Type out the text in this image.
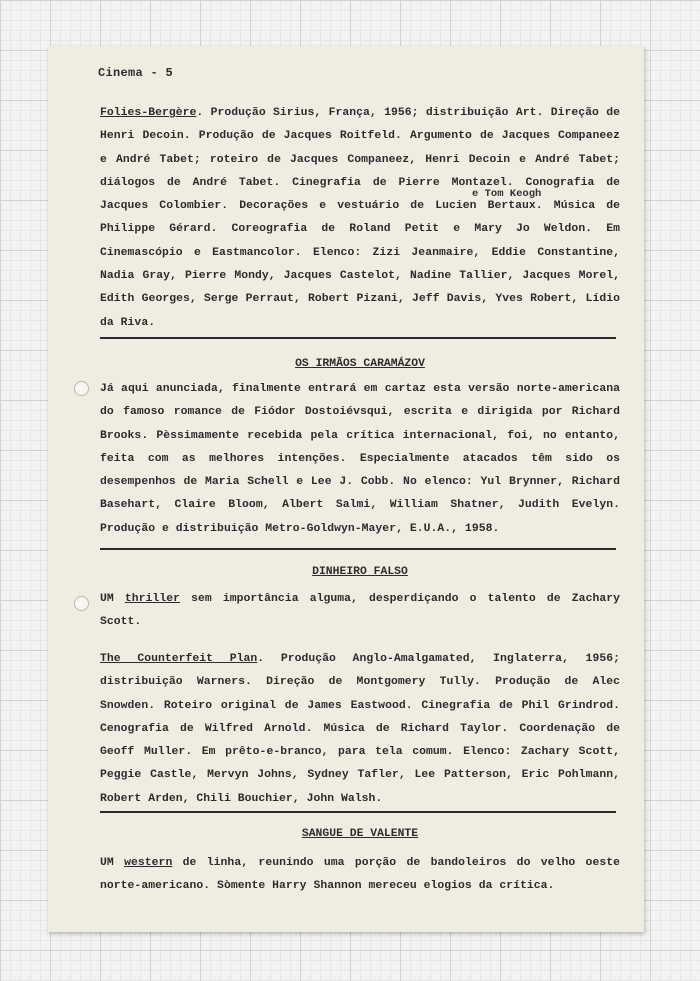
Cinema - 5
e Tom Keogh
Folies-Bergère. Produção Sirius, França, 1956; distribuição Art. Direção de Henri Decoin. Produção de Jacques Roitfeld. Argumento de Jacques Companeez e André Tabet; roteiro de Jacques Companeez, Henri Decoin e André Tabet; diálogos de André Tabet. Cinegrafia de Pierre Montazel. Conografia de Jacques Colombier. Decorações e vestuário de Lucien Bertaux. Música de Philippe Gérard. Coreografia de Roland Petit e Mary Jo Weldon. Em Cinemascópio e Eastmancolor. Elenco: Zizi Jeanmaire, Eddie Constantine, Nadia Gray, Pierre Mondy, Jacques Castelot, Nadine Tallier, Jacques Morel, Edith Georges, Serge Perraut, Robert Pizani, Jeff Davis, Yves Robert, Lídio da Riva.
OS IRMÃOS CARAMÁZOV
Já aqui anunciada, finalmente entrará em cartaz esta versão norte-americana do famoso romance de Fiódor Dostoiévsqui, escrita e dirigida por Richard Brooks. Pèssimamente recebida pela crítica internacional, foi, no entanto, feita com as melhores intenções. Especialmente atacados têm sido os desempenhos de Maria Schell e Lee J. Cobb. No elenco: Yul Brynner, Richard Basehart, Claire Bloom, Albert Salmi, William Shatner, Judith Evelyn. Produção e distribuição Metro-Goldwyn-Mayer, E.U.A., 1958.
DINHEIRO FALSO
UM thriller sem importância alguma, desperdiçando o talento de Zachary Scott.
The Counterfeit Plan. Produção Anglo-Amalgamated, Inglaterra, 1956; distribuição Warners. Direção de Montgomery Tully. Produção de Alec Snowden. Roteiro original de James Eastwood. Cinegrafia de Phil Grindrod. Cenografia de Wilfred Arnold. Música de Richard Taylor. Coordenação de Geoff Muller. Em prêto-e-branco, para tela comum. Elenco: Zachary Scott, Peggie Castle, Mervyn Johns, Sydney Tafler, Lee Patterson, Eric Pohlmann, Robert Arden, Chili Bouchier, John Walsh.
SANGUE DE VALENTE
UM western de linha, reunindo uma porção de bandoleiros do velho oeste norte-americano. Sòmente Harry Shannon mereceu elogios da crítica.
